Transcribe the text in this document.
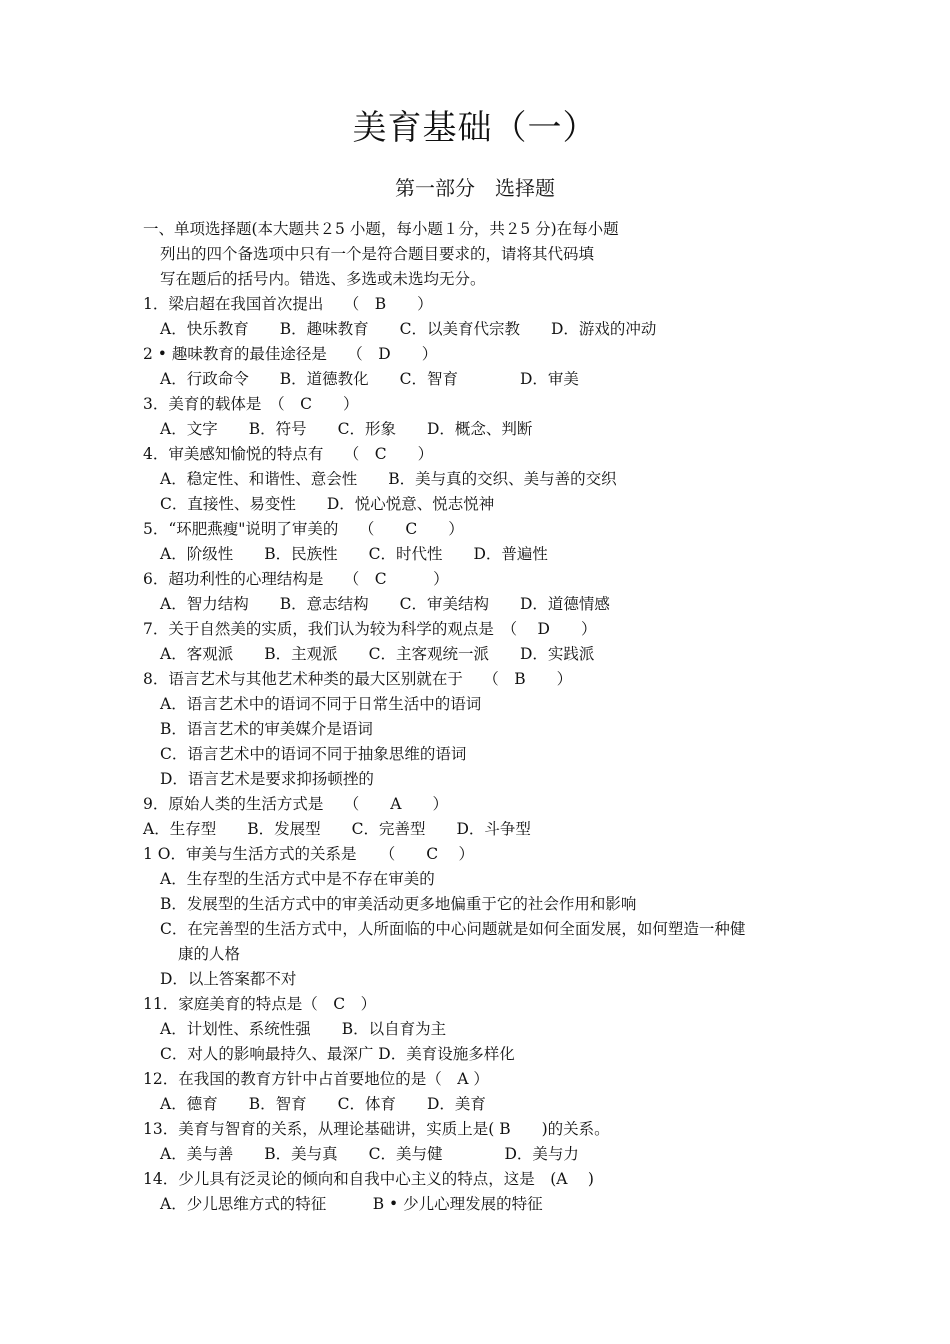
美育基础（一）
第一部分　选择题
一、单项选择题(本大题共２5 小题，每小题１分，共２5 分)在每小题
列出的四个备选项中只有一个是符合题目要求的，请将其代码填
写在题后的括号内。错选、多选或未选均无分。
1．梁启超在我国首次提出　 （　B　　）
A．快乐教育　　B．趣味教育　　C．以美育代宗教　　D．游戏的冲动
2 • 趣味教育的最佳途径是　 （　D　　）
A．行政命令　　B．道德教化　　C．智育　　　　D．审美
3．美育的载体是　（　C　　）
A．文字　　B．符号　　C．形象　　D．概念、判断
4．审美感知愉悦的特点有　 （　C　　）
A．稳定性、和谐性、意会性　　B．美与真的交织、美与善的交织
C．直接性、易变性　　D．悦心悦意、悦志悦神
5．“环肥燕瘦"说明了审美的　 （　　C　　）
A．阶级性　　B．民族性　　C．时代性　　D．普遍性
6．超功利性的心理结构是　 （　C　　　）
A．智力结构　　B．意志结构　　C．审美结构　　D．道德情感
7．关于自然美的实质，我们认为较为科学的观点是　（　 D　　）
A．客观派　　B．主观派　　C．主客观统一派　　D．实践派
8．语言艺术与其他艺术种类的最大区别就在于　 （　B　　）
A．语言艺术中的语词不同于日常生活中的语词
B．语言艺术的审美媒介是语词
C．语言艺术中的语词不同于抽象思维的语词
D．语言艺术是要求抑扬顿挫的
9．原始人类的生活方式是　 （　　A　　）
A．生存型　　B．发展型　　C．完善型　　D．斗争型
1 O．审美与生活方式的关系是　　（　　C　 ）
A．生存型的生活方式中是不存在审美的
B．发展型的生活方式中的审美活动更多地偏重于它的社会作用和影响
C．在完善型的生活方式中，人所面临的中心问题就是如何全面发展，如何塑造一种健
康的人格
D．以上答案都不对
11．家庭美育的特点是（　C　）
A．计划性、系统性强　　B．以自育为主
C．对人的影响最持久、最深广 D．美育设施多样化
12．在我国的教育方针中占首要地位的是（　A ）
A．德育　　B．智育　　C．体育　　D．美育
13．美育与智育的关系，从理论基础讲，实质上是( B　　)的关系。
A．美与善　　B．美与真　　C．美与健　　　　D．美与力
14．少儿具有泛灵论的倾向和自我中心主义的特点，这是　(A　 )
A．少儿思维方式的特征　　　B • 少儿心理发展的特征
